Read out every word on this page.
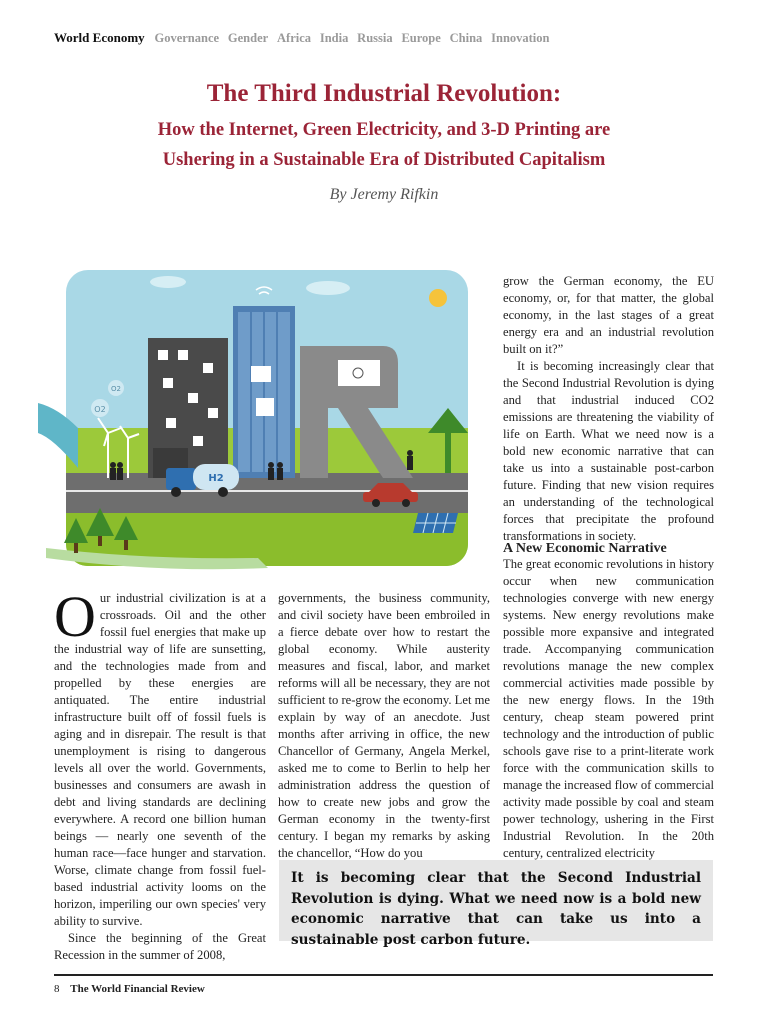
World Economy Governance Gender Africa India Russia Europe China Innovation
The Third Industrial Revolution:
How the Internet, Green Electricity, and 3-D Printing are
Ushering in a Sustainable Era of Distributed Capitalism
By Jeremy Rifkin
O2
O2
H2

grow the German economy, the EU economy, or, for that matter, the global economy, in the last stages of a great energy era and an industrial revolution built on it?”

It is becoming increasingly clear that the Second Industrial Revolution is dying and that industrial induced CO2 emissions are threatening the viability of life on Earth. What we need now is a bold new economic narrative that can take us into a sustainable post-carbon future. Finding that new vision requires an understanding of the technological forces that precipitate the profound transformations in society.

A New Economic Narrative

The great economic revolutions in history occur when new communication technologies converge with new energy systems. New energy revolutions make possible more expansive and integrated trade. Accompanying communication revolutions manage the new complex commercial activities made possible by the new energy flows. In the 19th century, cheap steam powered print technology and the introduction of public schools gave rise to a print-literate work force with the communication skills to manage the increased flow of commercial activity made possible by coal and steam power technology, ushering in the First Industrial Revolution. In the 20th century, centralized electricity

Our industrial civilization is at a crossroads. Oil and the other fossil fuel energies that make up the industrial way of life are sunsetting, and the technologies made from and propelled by these energies are antiquated. The entire industrial infrastructure built off of fossil fuels is aging and in disrepair. The result is that unemployment is rising to dangerous levels all over the world. Governments, businesses and consumers are awash in debt and living standards are declining everywhere. A record one billion human beings — nearly one seventh of the human race—face hunger and starvation. Worse, climate change from fossil fuel-based industrial activity looms on the horizon, imperiling our own species' very ability to survive.

Since the beginning of the Great Recession in the summer of 2008,

governments, the business community, and civil society have been embroiled in a fierce debate over how to restart the global economy. While austerity measures and fiscal, labor, and market reforms will all be necessary, they are not sufficient to re-grow the economy. Let me explain by way of an anecdote. Just months after arriving in office, the new Chancellor of Germany, Angela Merkel, asked me to come to Berlin to help her administration address the question of how to create new jobs and grow the German economy in the twenty-first century. I began my remarks by asking the chancellor, “How do you

It is becoming clear that the Second Industrial Revolution is dying. What we need now is a bold new economic narrative that can take us into a sustainable post carbon future.
8 The World Financial Review
